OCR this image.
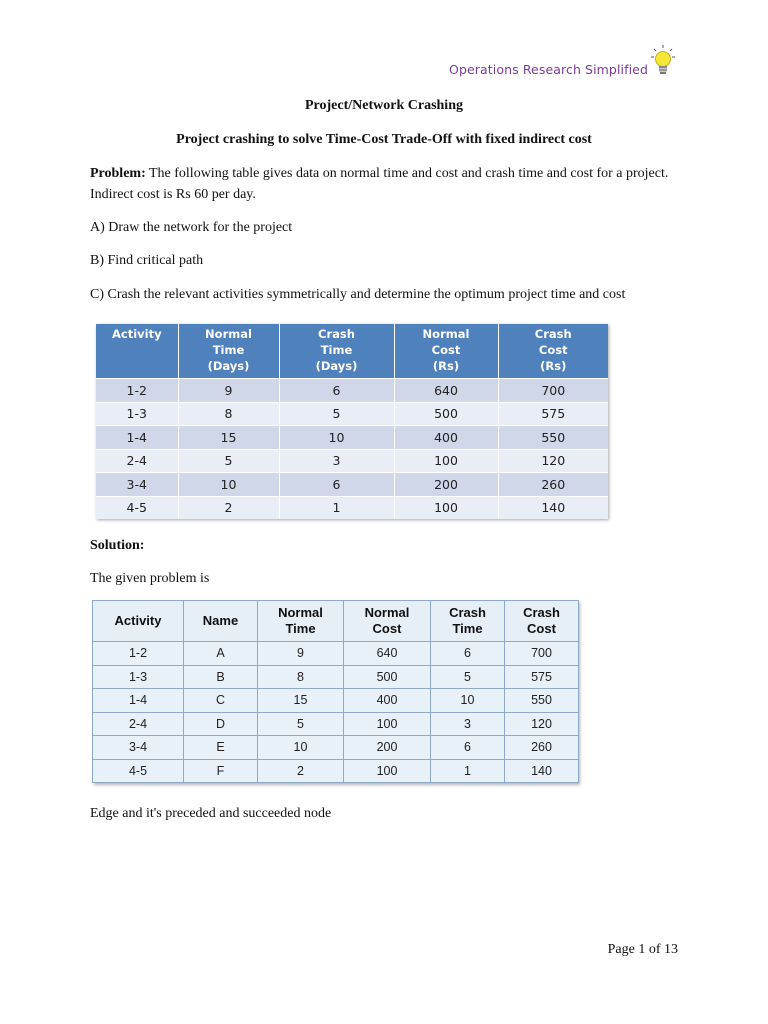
Operations Research Simplified
Project/Network Crashing
Project crashing to solve Time-Cost Trade-Off with fixed indirect cost
Problem: The following table gives data on normal time and cost and crash time and cost for a project. Indirect cost is Rs 60 per day.
A) Draw the network for the project
B) Find critical path
C) Crash the relevant activities symmetrically and determine the optimum project time and cost
Activity	Normal
Time
(Days)	Crash
Time
(Days)	Normal
Cost
(Rs)	Crash
Cost
(Rs)
1-2	9	6	640	700
1-3	8	5	500	575
1-4	15	10	400	550
2-4	5	3	100	120
3-4	10	6	200	260
4-5	2	1	100	140
Solution:
The given problem is
Activity	Name	Normal
Time	Normal
Cost	Crash
Time	Crash
Cost
1-2	A	9	640	6	700
1-3	B	8	500	5	575
1-4	C	15	400	10	550
2-4	D	5	100	3	120
3-4	E	10	200	6	260
4-5	F	2	100	1	140
Edge and it's preceded and succeeded node
Page 1 of 13
